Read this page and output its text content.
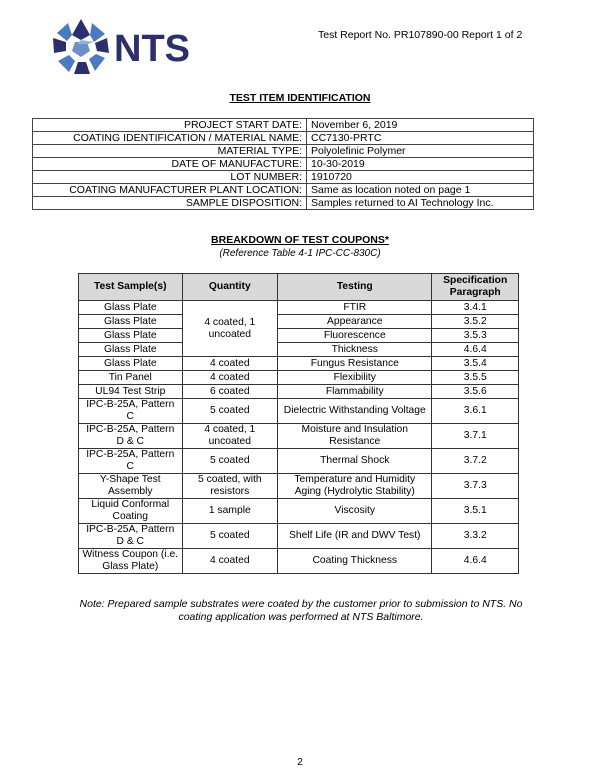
NTS	Test Report No. PR107890-00 Report 1 of 2
TEST ITEM IDENTIFICATION
PROJECT START DATE:	November 6, 2019
COATING IDENTIFICATION / MATERIAL NAME:	CC7130-PRTC
MATERIAL TYPE:	Polyolefinic Polymer
DATE OF MANUFACTURE:	10-30-2019
LOT NUMBER:	1910720
COATING MANUFACTURER PLANT LOCATION:	Same as location noted on page 1
SAMPLE DISPOSITION:	Samples returned to AI Technology Inc.
BREAKDOWN OF TEST COUPONS*
(Reference Table 4-1 IPC-CC-830C)
Test Sample(s)	Quantity	Testing	Specification Paragraph
Glass Plate	4 coated, 1 uncoated	FTIR	3.4.1
Glass Plate		Appearance	3.5.2
Glass Plate		Fluorescence	3.5.3
Glass Plate		Thickness	4.6.4
Glass Plate	4 coated	Fungus Resistance	3.5.4
Tin Panel	4 coated	Flexibility	3.5.5
UL94 Test Strip	6 coated	Flammability	3.5.6
IPC-B-25A, Pattern C	5 coated	Dielectric Withstanding Voltage	3.6.1
IPC-B-25A, Pattern D & C	4 coated, 1 uncoated	Moisture and Insulation Resistance	3.7.1
IPC-B-25A, Pattern C	5 coated	Thermal Shock	3.7.2
Y-Shape Test Assembly	5 coated, with resistors	Temperature and Humidity Aging (Hydrolytic Stability)	3.7.3
Liquid Conformal Coating	1 sample	Viscosity	3.5.1
IPC-B-25A, Pattern D & C	5 coated	Shelf Life (IR and DWV Test)	3.3.2
Witness Coupon (i.e. Glass Plate)	4 coated	Coating Thickness	4.6.4
Note: Prepared sample substrates were coated by the customer prior to submission to NTS. No coating application was performed at NTS Baltimore.
2
